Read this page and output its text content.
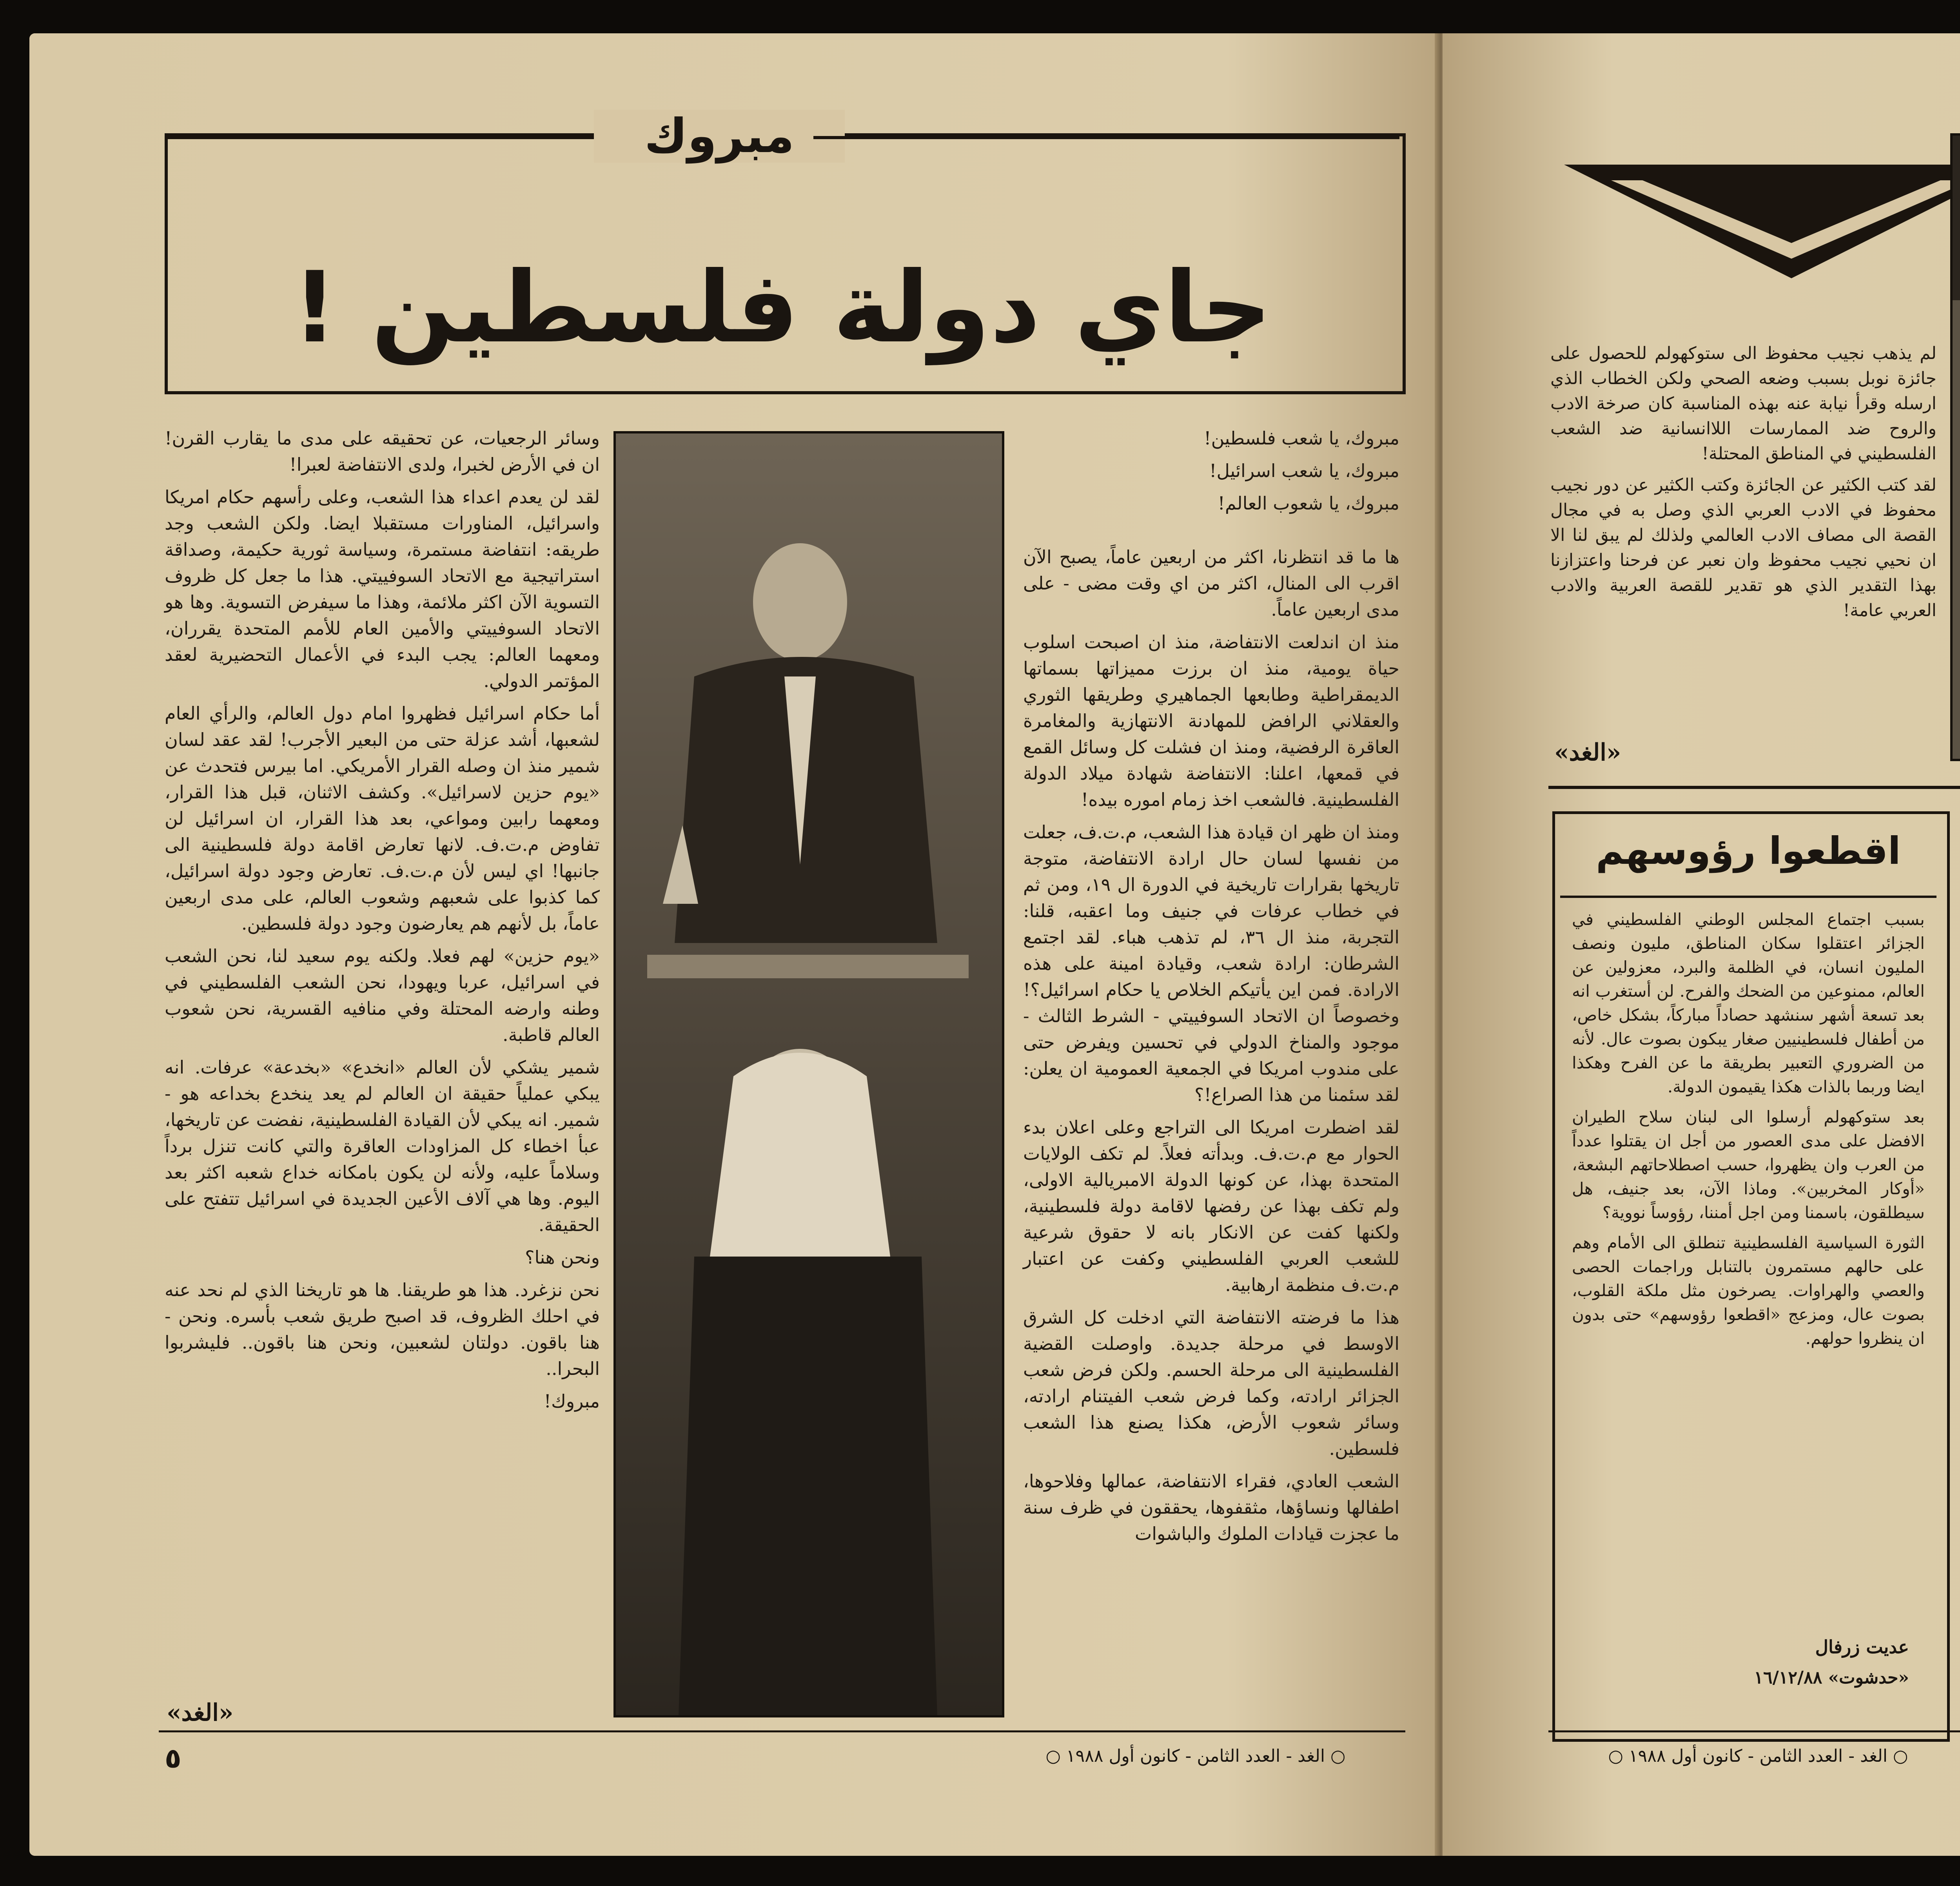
مبروك
جاي دولة فلسطين !

مبروك، يا شعب فلسطين!

مبروك، يا شعب اسرائيل!

مبروك، يا شعوب العالم!

ها ما قد انتظرنا، اكثر من اربعين عاماً، يصبح الآن اقرب الى المنال، اكثر من اي وقت مضى - على مدى اربعين عاماً.

منذ ان اندلعت الانتفاضة، منذ ان اصبحت اسلوب حياة يومية، منذ ان برزت مميزاتها بسماتها الديمقراطية وطابعها الجماهيري وطريقها الثوري والعقلاني الرافض للمهادنة الانتهازية والمغامرة العاقرة الرفضية، ومنذ ان فشلت كل وسائل القمع في قمعها، اعلنا: الانتفاضة شهادة ميلاد الدولة الفلسطينية. فالشعب اخذ زمام اموره بيده!

ومنذ ان ظهر ان قيادة هذا الشعب، م.ت.ف، جعلت من نفسها لسان حال ارادة الانتفاضة، متوجة تاريخها بقرارات تاريخية في الدورة ال ١٩، ومن ثم في خطاب عرفات في جنيف وما اعقبه، قلنا: التجربة، منذ ال ٣٦، لم تذهب هباء. لقد اجتمع الشرطان: ارادة شعب، وقيادة امينة على هذه الارادة. فمن اين يأتيكم الخلاص يا حكام اسرائيل؟! وخصوصاً ان الاتحاد السوفييتي - الشرط الثالث - موجود والمناخ الدولي في تحسين ويفرض حتى على مندوب امريكا في الجمعية العمومية ان يعلن: لقد سئمنا من هذا الصراع!؟

لقد اضطرت امريكا الى التراجع وعلى اعلان بدء الحوار مع م.ت.ف. وبدأته فعلاً. لم تكف الولايات المتحدة بهذا، عن كونها الدولة الامبريالية الاولى، ولم تكف بهذا عن رفضها لاقامة دولة فلسطينية، ولكنها كفت عن الانكار بانه لا حقوق شرعية للشعب العربي الفلسطيني وكفت عن اعتبار م.ت.ف منظمة ارهابية.

هذا ما فرضته الانتفاضة التي ادخلت كل الشرق الاوسط في مرحلة جديدة. واوصلت القضية الفلسطينية الى مرحلة الحسم. ولكن فرض شعب الجزائر ارادته، وكما فرض شعب الفيتنام ارادته، وسائر شعوب الأرض، هكذا يصنع هذا الشعب فلسطين.

الشعب العادي، فقراء الانتفاضة، عمالها وفلاحوها، اطفالها ونساؤها، مثقفوها، يحققون في ظرف سنة ما عجزت قيادات الملوك والباشوات

وسائر الرجعيات، عن تحقيقه على مدى ما يقارب القرن! ان في الأرض لخبرا، ولدى الانتفاضة لعبرا!

لقد لن يعدم اعداء هذا الشعب، وعلى رأسهم حكام امريكا واسرائيل، المناورات مستقبلا ايضا. ولكن الشعب وجد طريقه: انتفاضة مستمرة، وسياسة ثورية حكيمة، وصداقة استراتيجية مع الاتحاد السوفييتي. هذا ما جعل كل ظروف التسوية الآن اكثر ملائمة، وهذا ما سيفرض التسوية. وها هو الاتحاد السوفييتي والأمين العام للأمم المتحدة يقرران، ومعهما العالم: يجب البدء في الأعمال التحضيرية لعقد المؤتمر الدولي.

أما حكام اسرائيل فظهروا امام دول العالم، والرأي العام لشعبها، أشد عزلة حتى من البعير الأجرب! لقد عقد لسان شمير منذ ان وصله القرار الأمريكي. اما بيرس فتحدث عن «يوم حزين لاسرائيل». وكشف الاثنان، قبل هذا القرار، ومعهما رابين ومواعي، بعد هذا القرار، ان اسرائيل لن تفاوض م.ت.ف. لانها تعارض اقامة دولة فلسطينية الى جانبها! اي ليس لأن م.ت.ف. تعارض وجود دولة اسرائيل، كما كذبوا على شعبهم وشعوب العالم، على مدى اربعين عاماً، بل لأنهم هم يعارضون وجود دولة فلسطين.

«يوم حزين» لهم فعلا. ولكنه يوم سعيد لنا، نحن الشعب في اسرائيل، عربا ويهودا، نحن الشعب الفلسطيني في وطنه وارضه المحتلة وفي منافيه القسرية، نحن شعوب العالم قاطبة.

شمير يشكي لأن العالم «انخدع» «بخدعة» عرفات. انه يبكي عملياً حقيقة ان العالم لم يعد ينخدع بخداعه هو - شمير. انه يبكي لأن القيادة الفلسطينية، نفضت عن تاريخها، عبأ اخطاء كل المزاودات العاقرة والتي كانت تنزل برداً وسلاماً عليه، ولأنه لن يكون بامكانه خداع شعبه اكثر بعد اليوم. وها هي آلاف الأعين الجديدة في اسرائيل تتفتح على الحقيقة.

ونحن هنا؟

نحن نزغرد. هذا هو طريقنا. ها هو تاريخنا الذي لم نحد عنه في احلك الظروف، قد اصبح طريق شعب بأسره. ونحن - هنا باقون. دولتان لشعبين، ونحن هنا باقون.. فليشربوا البحرا..

مبروك!

«الغد»
○ الغد - العدد الثامن - كانون أول ١٩٨٨ ○
٥

لم يذهب نجيب محفوظ الى ستوكهولم للحصول على جائزة نوبل بسبب وضعه الصحي ولكن الخطاب الذي ارسله وقرأ نيابة عنه بهذه المناسبة كان صرخة الادب والروح ضد الممارسات اللاانسانية ضد الشعب الفلسطيني في المناطق المحتلة!

لقد كتب الكثير عن الجائزة وكتب الكثير عن دور نجيب محفوظ في الادب العربي الذي وصل به في مجال القصة الى مصاف الادب العالمي ولذلك لم يبق لنا الا ان نحيي نجيب محفوظ وان نعبر عن فرحنا واعتزازنا بهذا التقدير الذي هو تقدير للقصة العربية والادب العربي عامة!

«الغد»
اقطعوا رؤوسهم

بسبب اجتماع المجلس الوطني الفلسطيني في الجزائر اعتقلوا سكان المناطق، مليون ونصف المليون انسان، في الظلمة والبرد، معزولين عن العالم، ممنوعين من الضحك والفرح. لن أستغرب انه بعد تسعة أشهر سنشهد حصاداً مباركاً، بشكل خاص، من أطفال فلسطينيين صغار يبكون بصوت عال. لأنه من الضروري التعبير بطريقة ما عن الفرح وهكذا ايضا وربما بالذات هكذا يقيمون الدولة.

بعد ستوكهولم أرسلوا الى لبنان سلاح الطيران الافضل على مدى العصور من أجل ان يقتلوا عدداً من العرب وان يظهروا، حسب اصطلاحاتهم البشعة، «أوكار المخربين». وماذا الآن، بعد جنيف، هل سيطلقون، باسمنا ومن اجل أمننا، رؤوساً نووية؟

الثورة السياسية الفلسطينية تنطلق الى الأمام وهم على حالهم مستمرون بالتنابل وراجمات الحصى والعصي والهراوات. يصرخون مثل ملكة القلوب، بصوت عال، ومزعج «اقطعوا رؤوسهم» حتى بدون ان ينظروا حولهم.

عديت زرفال
«حدشوت» ١٦/١٢/٨٨
○ الغد - العدد الثامن - كانون أول ١٩٨٨ ○
